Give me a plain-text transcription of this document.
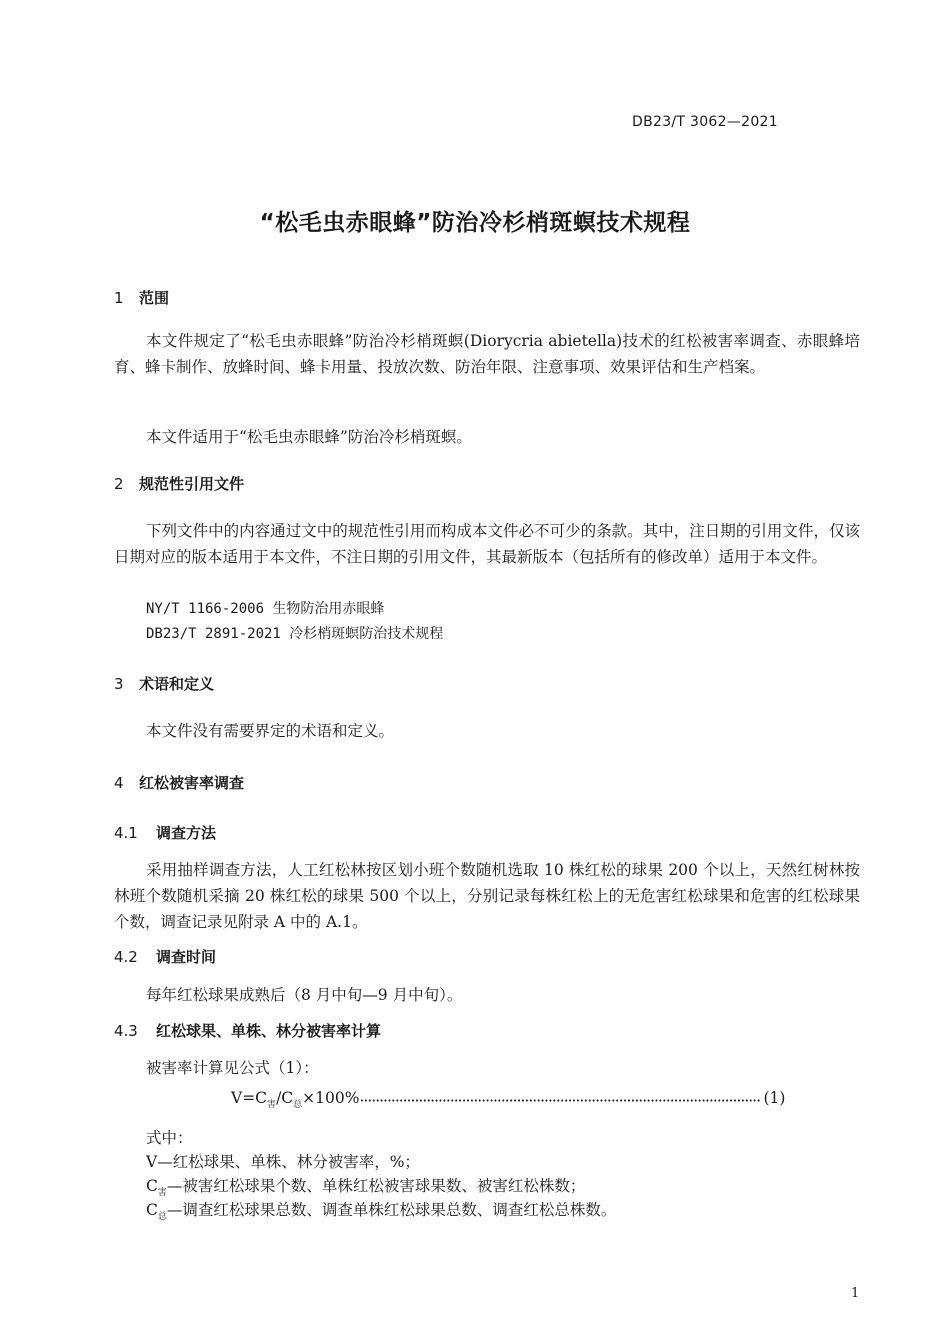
DB23/T 3062—2021
“松毛虫赤眼蜂”防治冷杉梢斑螟技术规程
1 范围
本文件规定了“松毛虫赤眼蜂”防治冷杉梢斑螟(Diorycria abietella)技术的红松被害率调查、赤眼蜂培育、蜂卡制作、放蜂时间、蜂卡用量、投放次数、防治年限、注意事项、效果评估和生产档案。
本文件适用于“松毛虫赤眼蜂”防治冷杉梢斑螟。
2 规范性引用文件
下列文件中的内容通过文中的规范性引用而构成本文件必不可少的条款。其中，注日期的引用文件，仅该日期对应的版本适用于本文件，不注日期的引用文件，其最新版本（包括所有的修改单）适用于本文件。
NY/T 1166-2006 生物防治用赤眼蜂
DB23/T 2891-2021 冷杉梢斑螟防治技术规程
3 术语和定义
本文件没有需要界定的术语和定义。
4 红松被害率调查
4.1 调查方法
采用抽样调查方法，人工红松林按区划小班个数随机选取 10 株红松的球果 200 个以上，天然红树林按林班个数随机采摘 20 株红松的球果 500 个以上，分别记录每株红松上的无危害红松球果和危害的红松球果个数，调查记录见附录 A 中的 A.1。
4.2 调查时间
每年红松球果成熟后（8 月中旬—9 月中旬）。
4.3 红松球果、单株、林分被害率计算
被害率计算见公式（1）：
$V=C_害/C_总\times 100\%\cdot\cdot\cdot\cdot\cdot\cdot\cdot\cdot\cdot\cdot\cdot\cdot\cdot\cdot\cdot\cdot\cdot\cdot\cdot\cdot\cdot\cdot\cdot\cdot\cdot\cdot\cdot\cdot\cdot\cdot\cdot\cdot\cdot\cdot\cdot\cdot\cdot\cdot\cdot\cdot\cdot\cdot\cdot\cdot\cdot\cdot\cdot\cdot\cdot\cdot\cdot\cdot\cdot\cdot\cdot\cdot\cdot\cdot\cdot\cdot\cdot\cdot\cdot\cdot\cdot\cdot\cdot\cdot\cdot\cdot\cdot\cdot\cdot\cdot\cdot\cdot\cdot\cdot\cdot\cdot\cdot\cdot\cdot\cdot\cdot\cdot\cdot\cdot\cdot\cdot\cdot\cdot\cdot\cdot\cdot\cdot\cdot\cdot\cdot\cdot\cdot\cdot (1)$
式中：
V—红松球果、单株、林分被害率，%；
$C_害—$被害红松球果个数、单株红松被害球果数、被害红松株数；
$C_总—$调查红松球果总数、调查单株红松球果总数、调查红松总株数。
1
